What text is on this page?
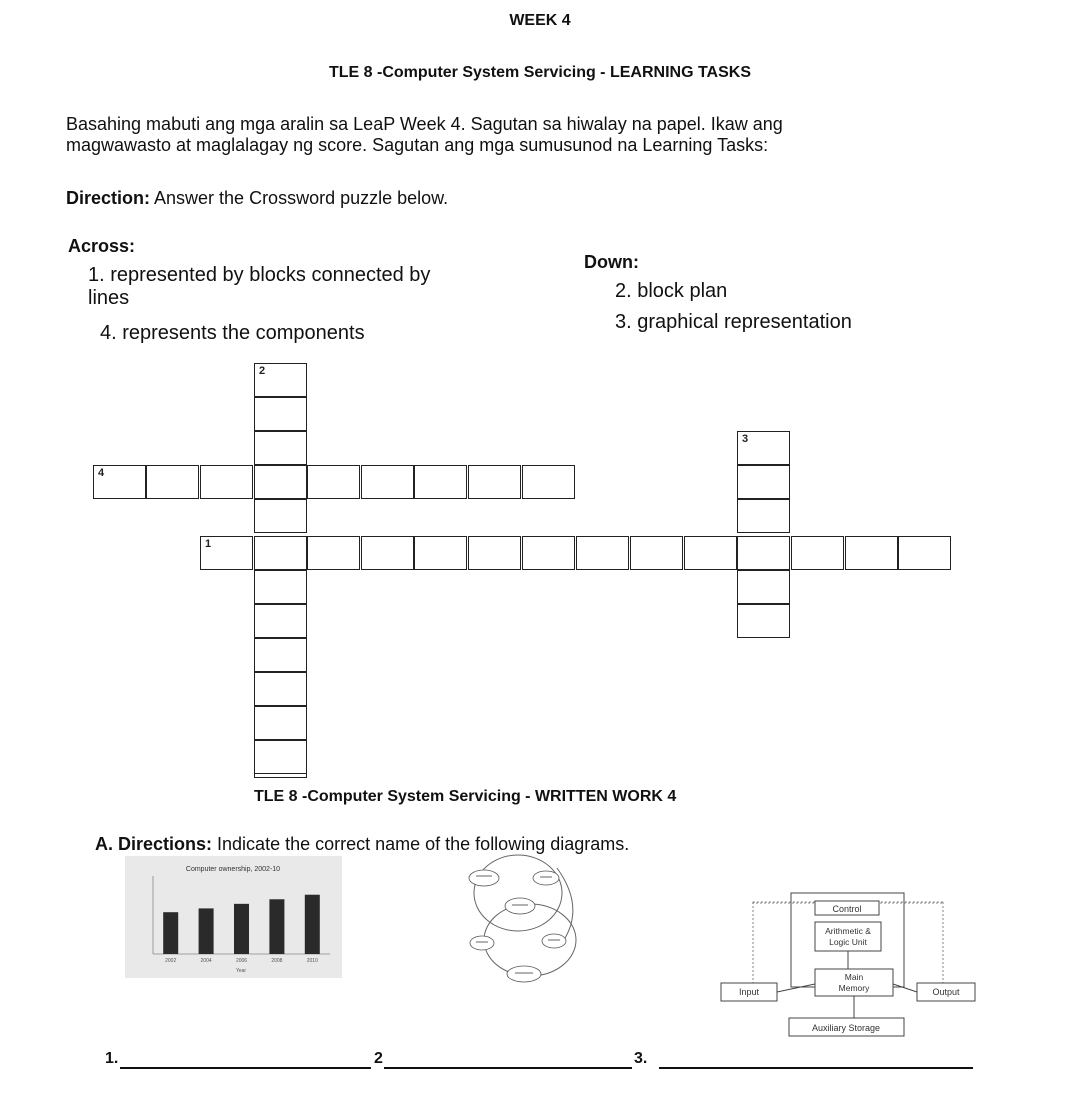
WEEK 4
TLE 8 -Computer System Servicing - LEARNING TASKS
Basahing mabuti ang mga aralin sa LeaP Week 4. Sagutan sa hiwalay na papel. Ikaw ang
magwawasto at maglalagay ng score. Sagutan ang mga sumusunod na Learning Tasks:
Direction: Answer the Crossword puzzle below.
Across:
1. represented by blocks connected by
lines
4. represents the components
Down:
2. block plan
3. graphical representation
2
4
1
3
TLE 8 -Computer System Servicing - WRITTEN WORK 4
A. Directions: Indicate the correct name of the following diagrams.
Computer ownership, 2002-10
2002	2004	2006	2008	2010
Year
Control
Arithmetic &
Logic Unit
Main
Memory
Input	Output
Auxiliary Storage
1.	2	3.
